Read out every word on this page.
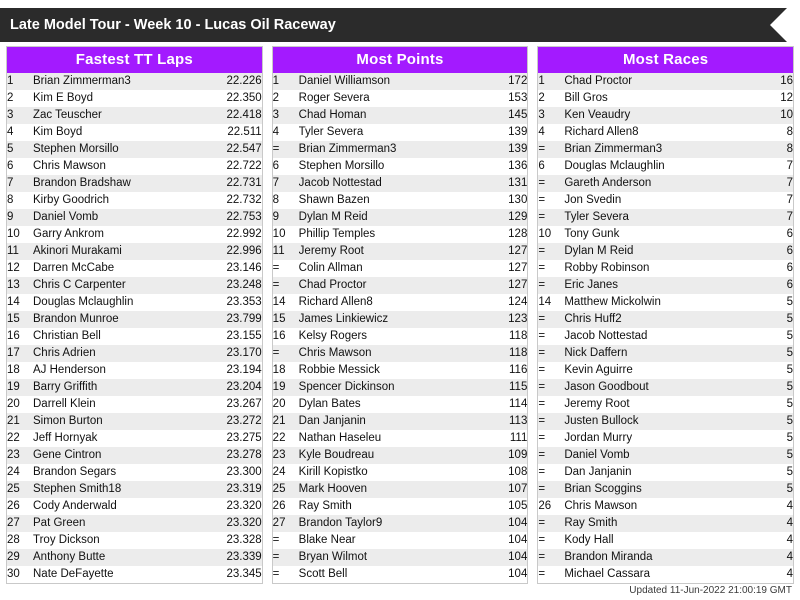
Late Model Tour - Week 10 - Lucas Oil Raceway
Fastest TT Laps
1	Brian Zimmerman3	22.226
2	Kim E Boyd	22.350
3	Zac Teuscher	22.418
4	Kim Boyd	22.511
5	Stephen Morsillo	22.547
6	Chris Mawson	22.722
7	Brandon Bradshaw	22.731
8	Kirby Goodrich	22.732
9	Daniel Vomb	22.753
10	Garry Ankrom	22.992
11	Akinori Murakami	22.996
12	Darren McCabe	23.146
13	Chris C Carpenter	23.248
14	Douglas Mclaughlin	23.353
15	Brandon Munroe	23.799
16	Christian Bell	23.155
17	Chris Adrien	23.170
18	AJ Henderson	23.194
19	Barry Griffith	23.204
20	Darrell Klein	23.267
21	Simon Burton	23.272
22	Jeff Hornyak	23.275
23	Gene Cintron	23.278
24	Brandon Segars	23.300
25	Stephen Smith18	23.319
26	Cody Anderwald	23.320
27	Pat Green	23.320
28	Troy Dickson	23.328
29	Anthony Butte	23.339
30	Nate DeFayette	23.345
Most Points
1	Daniel Williamson	172
2	Roger Severa	153
3	Chad Homan	145
4	Tyler Severa	139
=	Brian Zimmerman3	139
6	Stephen Morsillo	136
7	Jacob Nottestad	131
8	Shawn Bazen	130
9	Dylan M Reid	129
10	Phillip Temples	128
11	Jeremy Root	127
=	Colin Allman	127
=	Chad Proctor	127
14	Richard Allen8	124
15	James Linkiewicz	123
16	Kelsy Rogers	118
=	Chris Mawson	118
18	Robbie Messick	116
19	Spencer Dickinson	115
20	Dylan Bates	114
21	Dan Janjanin	113
22	Nathan Haseleu	111
23	Kyle Boudreau	109
24	Kirill Kopistko	108
25	Mark Hooven	107
26	Ray Smith	105
27	Brandon Taylor9	104
=	Blake Near	104
=	Bryan Wilmot	104
=	Scott Bell	104
Most Races
1	Chad Proctor	16
2	Bill Gros	12
3	Ken Veaudry	10
4	Richard Allen8	8
=	Brian Zimmerman3	8
6	Douglas Mclaughlin	7
=	Gareth Anderson	7
=	Jon Svedin	7
=	Tyler Severa	7
10	Tony Gunk	6
=	Dylan M Reid	6
=	Robby Robinson	6
=	Eric Janes	6
14	Matthew Mickolwin	5
=	Chris Huff2	5
=	Jacob Nottestad	5
=	Nick Daffern	5
=	Kevin Aguirre	5
=	Jason Goodbout	5
=	Jeremy Root	5
=	Justen Bullock	5
=	Jordan Murry	5
=	Daniel Vomb	5
=	Dan Janjanin	5
=	Brian Scoggins	5
26	Chris Mawson	4
=	Ray Smith	4
=	Kody Hall	4
=	Brandon Miranda	4
=	Michael Cassara	4
Updated 11-Jun-2022 21:00:19 GMT
